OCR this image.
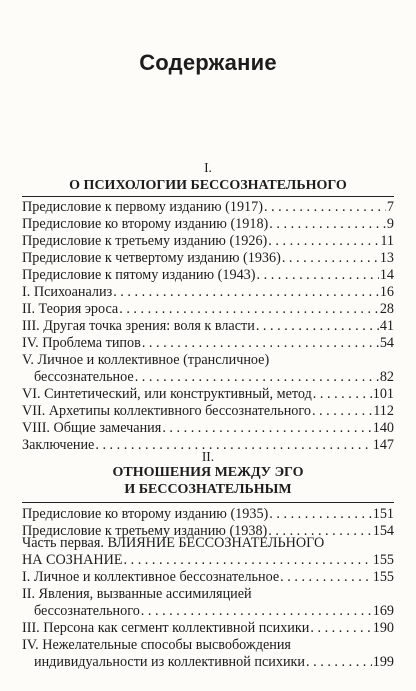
Содержание
I.
О ПСИХОЛОГИИ БЕССОЗНАТЕЛЬНОГО
Предисловие к первому изданию (1917) . . .	7
Предисловие ко второму изданию (1918) . . .	9
Предисловие к третьему изданию (1926) . . .	11
Предисловие к четвертому изданию (1936) . . .	13
Предисловие к пятому изданию (1943) . . .	14
I. Психоанализ . . .	16
II. Теория эроса . . .	28
III. Другая точка зрения: воля к власти . . .	41
IV. Проблема типов . . .	54
V. Личное и коллективное (трансличное)
бессознательное . . .	82
VI. Синтетический, или конструктивный, метод . . .	101
VII. Архетипы коллективного бессознательного . . .	112
VIII. Общие замечания . . .	140
Заключение . . .	147
II.
ОТНОШЕНИЯ МЕЖДУ ЭГО
И БЕССОЗНАТЕЛЬНЫМ
Предисловие ко второму изданию (1935) . . .	151
Предисловие к третьему изданию (1938) . . .	154
Часть первая. ВЛИЯНИЕ БЕССОЗНАТЕЛЬНОГО
НА СОЗНАНИЕ . . .	155
I. Личное и коллективное бессознательное . . .	155
II. Явления, вызванные ассимиляцией
бессознательного . . .	169
III. Персона как сегмент коллективной психики . . .	190
IV. Нежелательные способы высвобождения
индивидуальности из коллективной психики . . .	199
